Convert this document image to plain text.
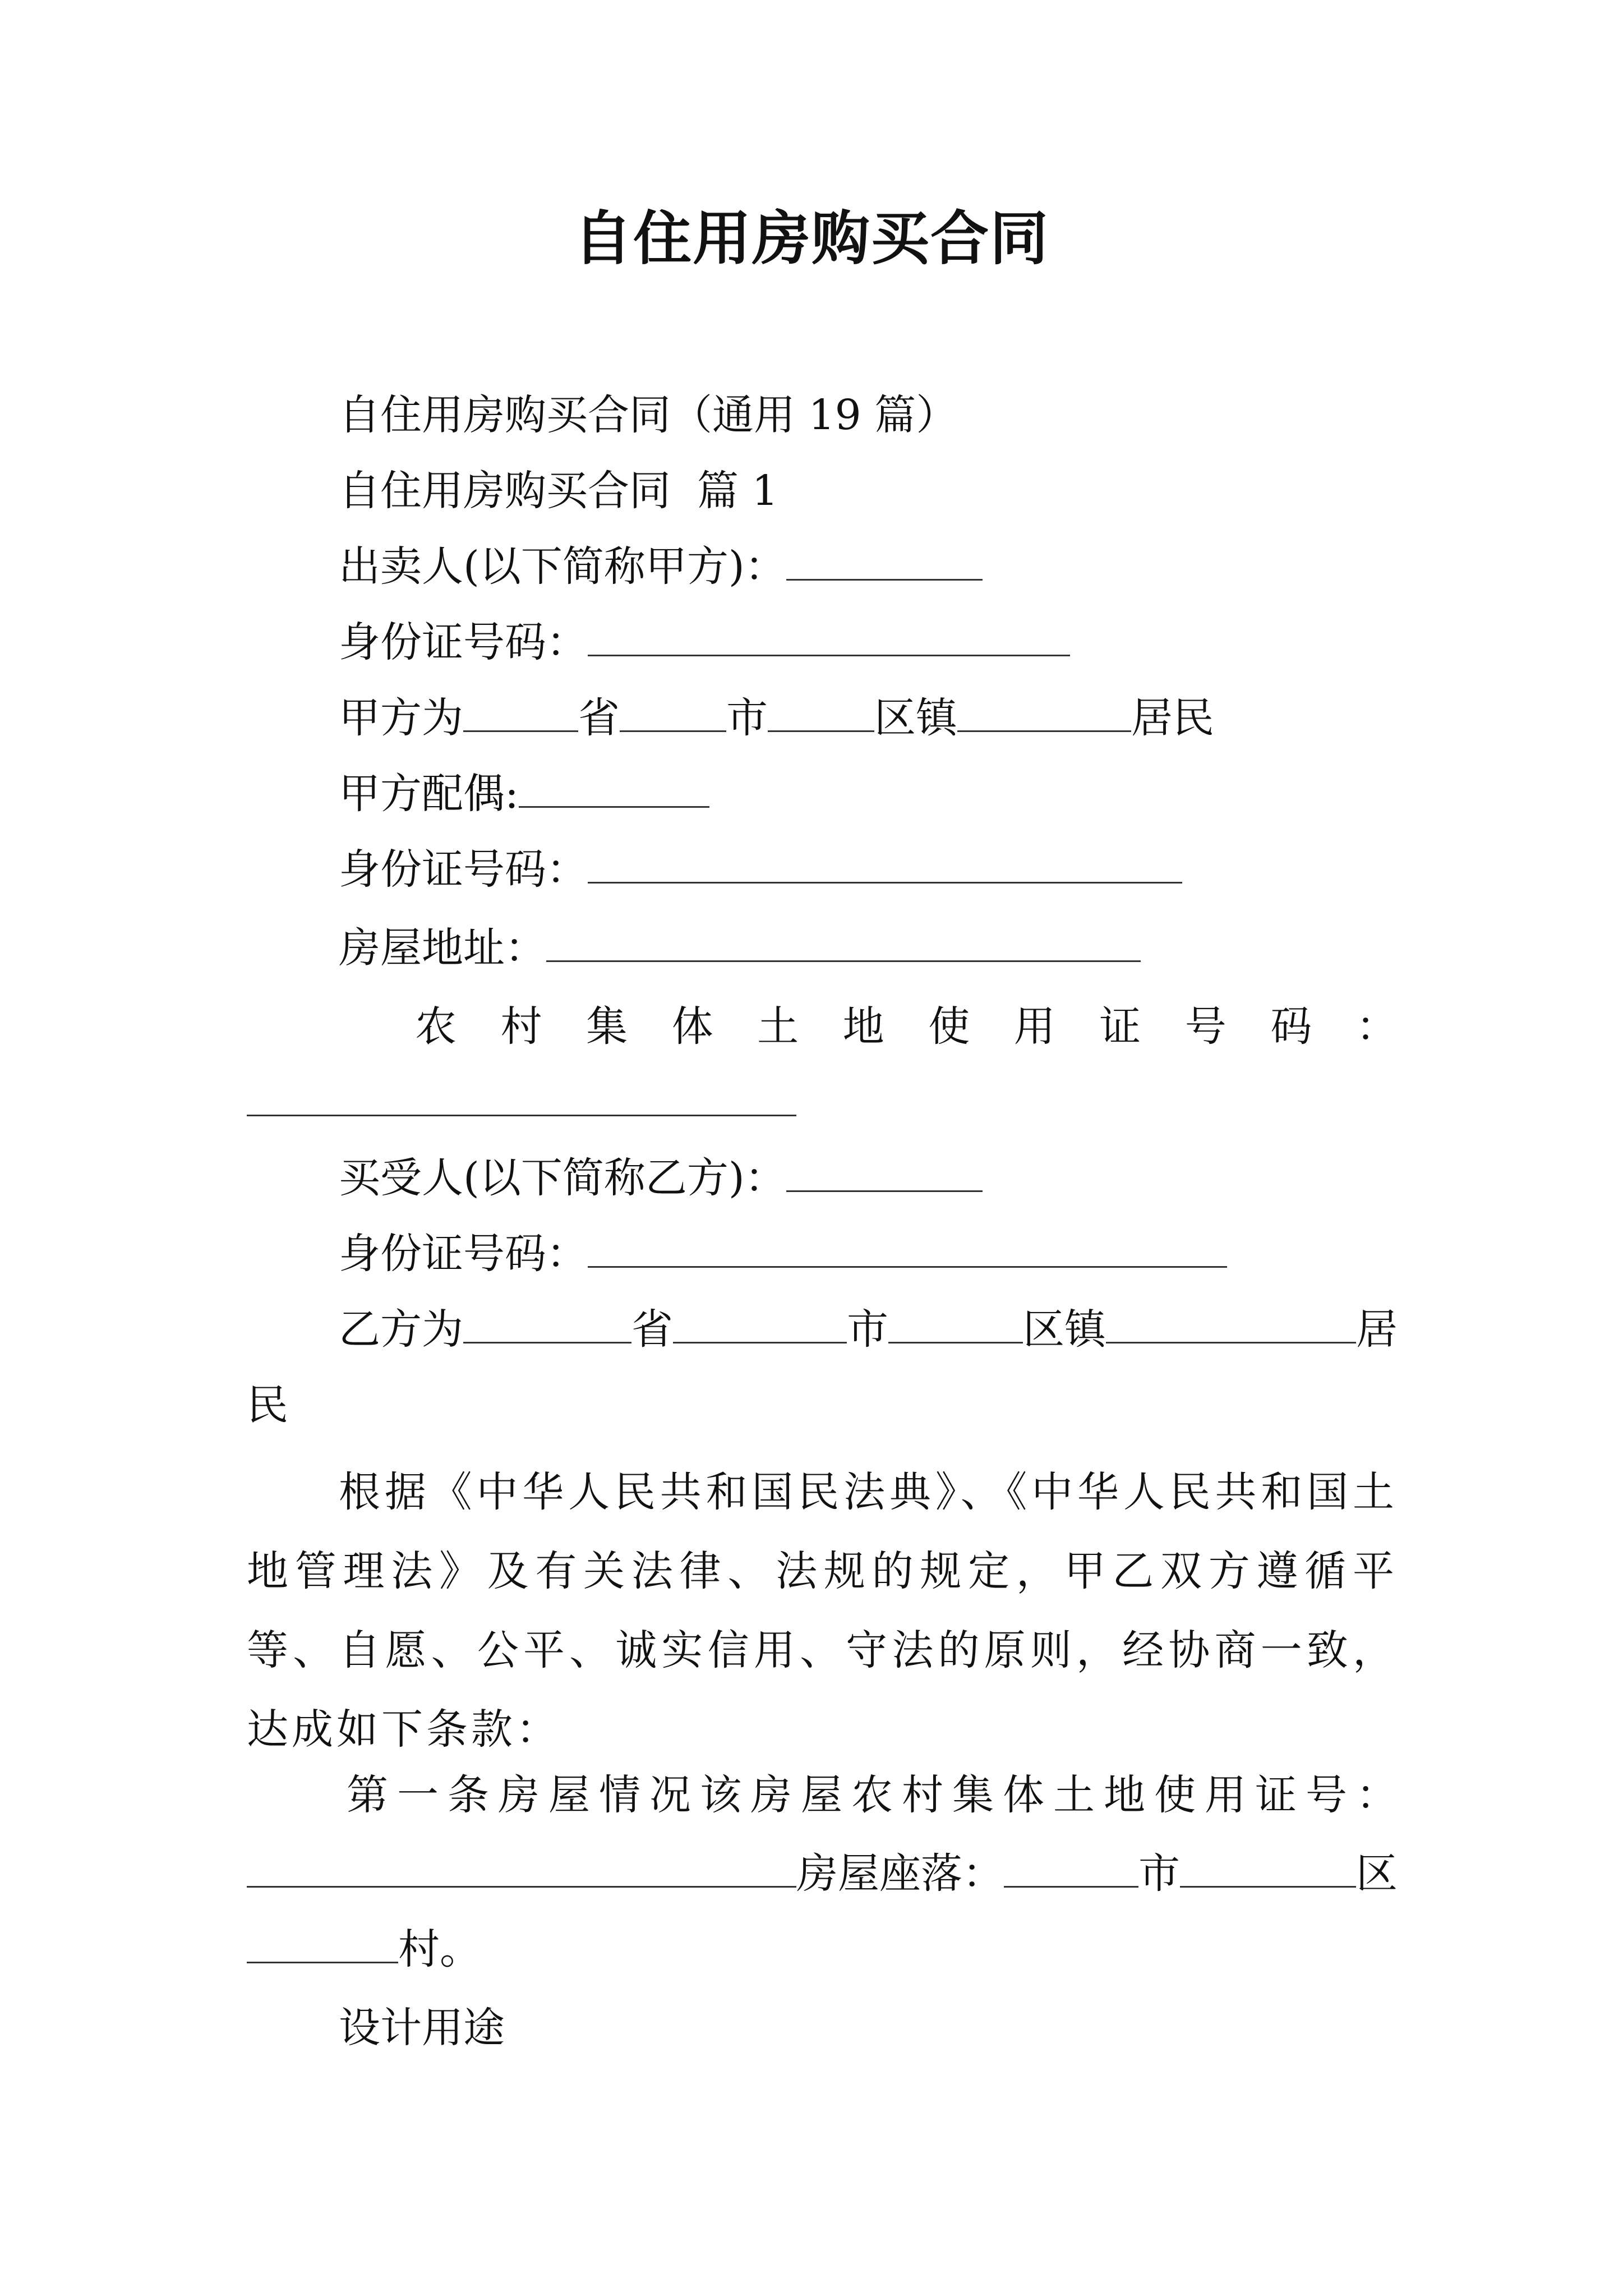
自住用房购买合同
自住用房购买合同（通用 19 篇）
自住用房购买合同  篇 1
出卖人(以下简称甲方)：
身份证号码：
甲方为	省	市	区镇	居民
甲方配偶:
身份证号码：
房屋地址：
农 村 集 体 土 地 使 用 证 号 码 ：
买受人(以下简称乙方)：
身份证号码：
乙方为	省	市	区镇	居
民
根据《中华人民共和国民法典》、《中华人民共和国土地管理法》及有关法律、法规的规定，甲乙双方遵循平等、自愿、公平、诚实信用、守法的原则，经协商一致，达成如下条款：
第一条房屋情况该房屋农村集体土地使用证号：
房屋座落：	市	区
村。
设计用途
